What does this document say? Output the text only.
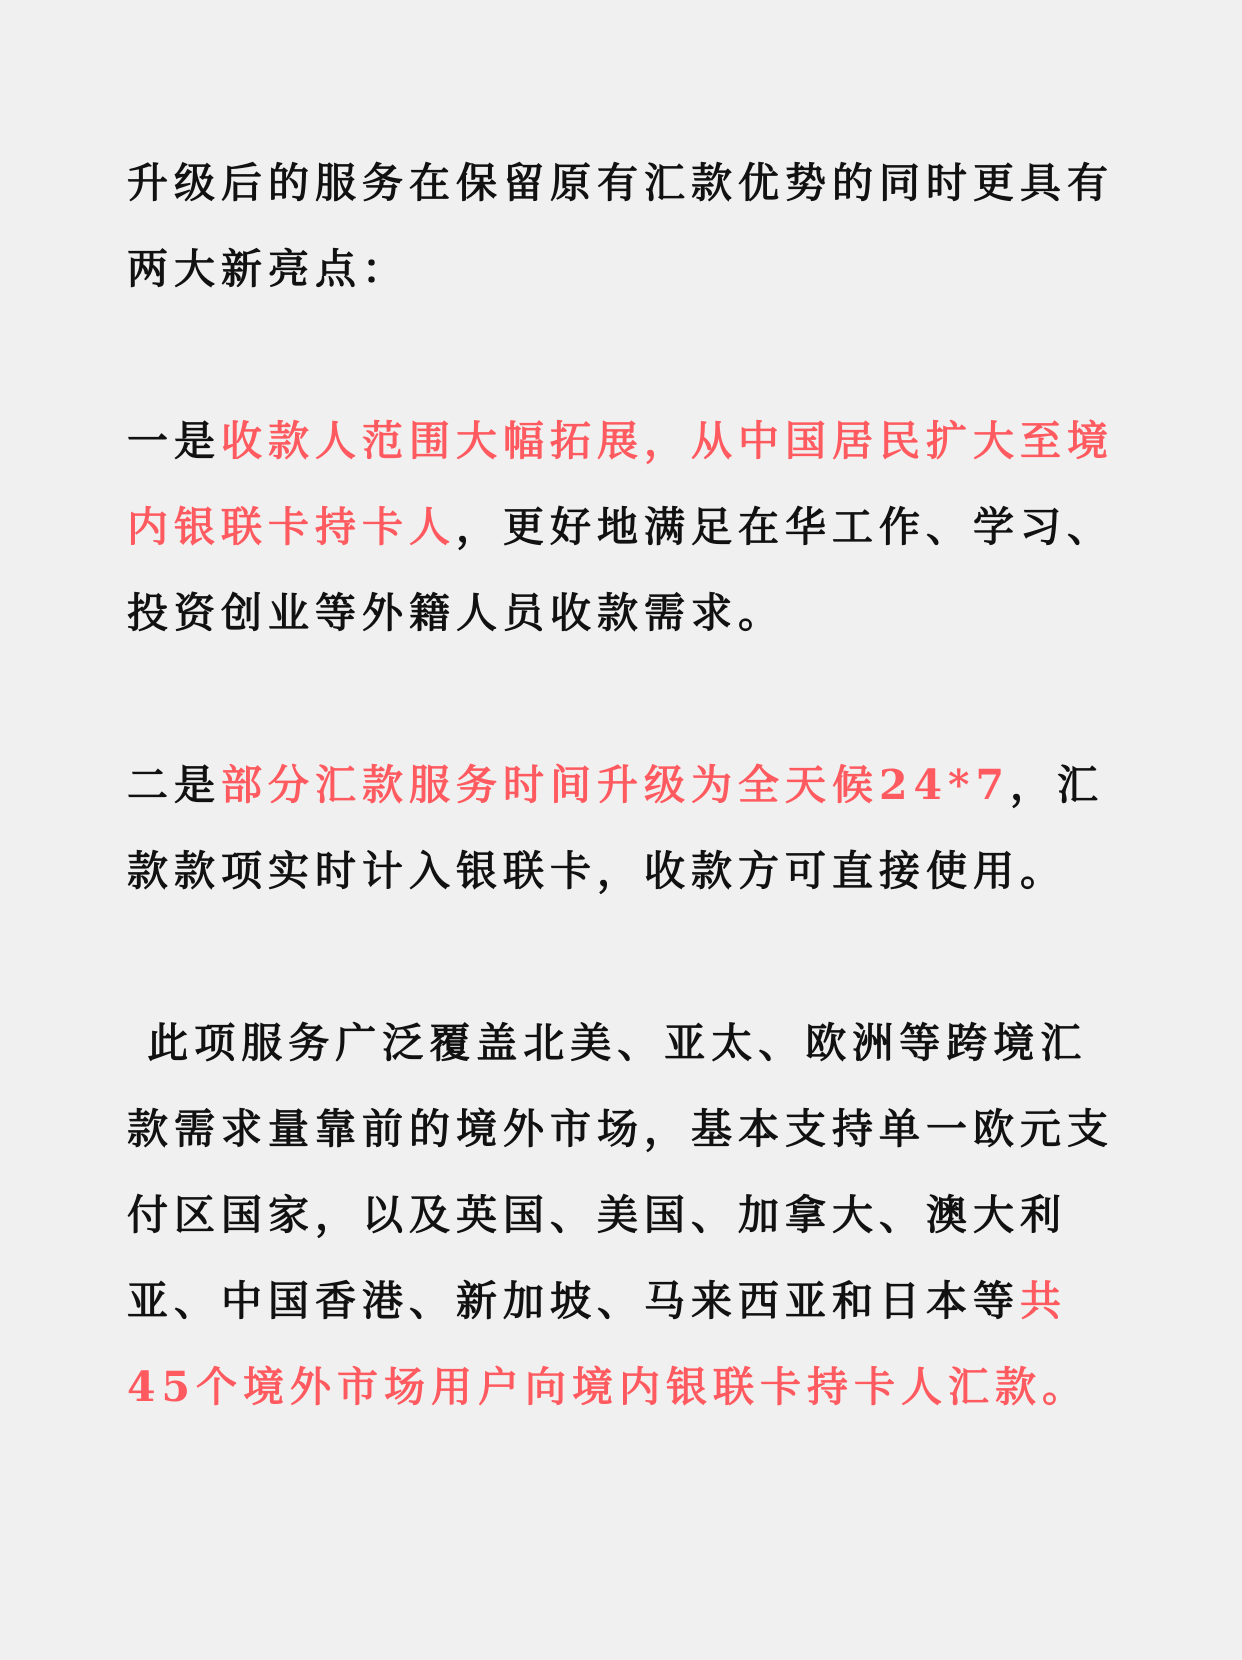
升级后的服务在保留原有汇款优势的同时更具有两大新亮点：

一是收款人范围大幅拓展，从中国居民扩大至境内银联卡持卡人，更好地满足在华工作、学习、投资创业等外籍人员收款需求。

二是部分汇款服务时间升级为全天候24*7，汇款款项实时计入银联卡，收款方可直接使用。

此项服务广泛覆盖北美、亚太、欧洲等跨境汇款需求量靠前的境外市场，基本支持单一欧元支付区国家，以及英国、美国、加拿大、澳大利亚、中国香港、新加坡、马来西亚和日本等共45个境外市场用户向境内银联卡持卡人汇款。
